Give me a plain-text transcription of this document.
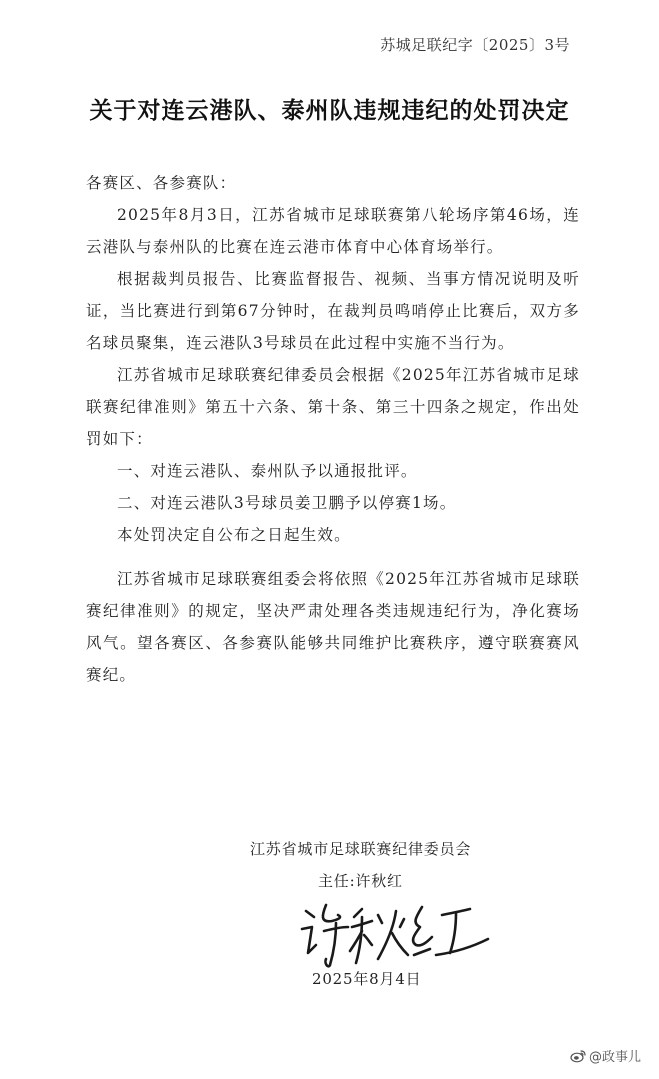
苏城足联纪字〔2025〕3号
关于对连云港队、泰州队违规违纪的处罚决定

各赛区、各参赛队：

2025年8月3日，江苏省城市足球联赛第八轮场序第46场，连云港队与泰州队的比赛在连云港市体育中心体育场举行。

根据裁判员报告、比赛监督报告、视频、当事方情况说明及听证，当比赛进行到第67分钟时，在裁判员鸣哨停止比赛后，双方多名球员聚集，连云港队3号球员在此过程中实施不当行为。

江苏省城市足球联赛纪律委员会根据《2025年江苏省城市足球联赛纪律准则》第五十六条、第十条、第三十四条之规定，作出处罚如下：

一、对连云港队、泰州队予以通报批评。

二、对连云港队3号球员姜卫鹏予以停赛1场。

本处罚决定自公布之日起生效。

江苏省城市足球联赛组委会将依照《2025年江苏省城市足球联赛纪律准则》的规定，坚决严肃处理各类违规违纪行为，净化赛场风气。望各赛区、各参赛队能够共同维护比赛秩序，遵守联赛赛风赛纪。

江苏省城市足球联赛纪律委员会
主任:许秋红
2025年8月4日
@政事儿
